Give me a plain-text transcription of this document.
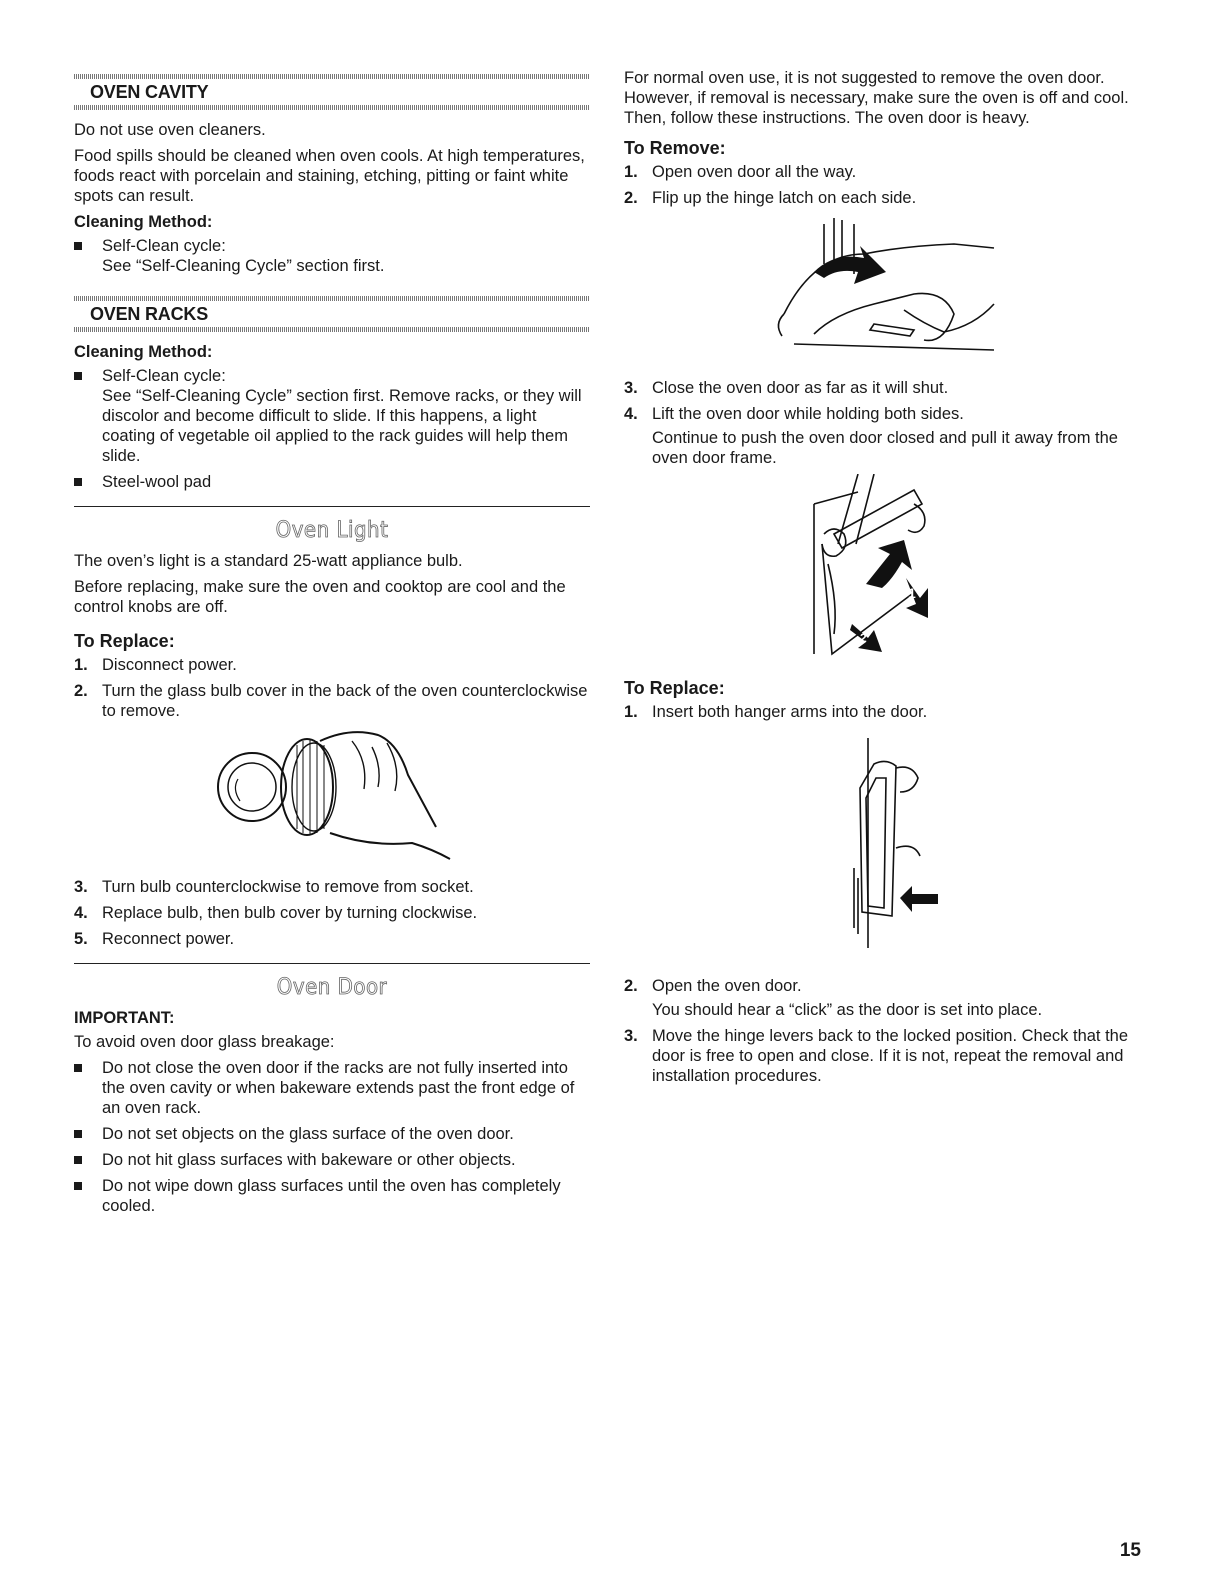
OVEN CAVITY

Do not use oven cleaners.

Food spills should be cleaned when oven cools. At high temperatures, foods react with porcelain and staining, etching, pitting or faint white spots can result.

Cleaning Method:
Self-Clean cycle:
See “Self-Cleaning Cycle” section first.
OVEN RACKS
Cleaning Method:
Self-Clean cycle:
See “Self-Cleaning Cycle” section first. Remove racks, or they will discolor and become difficult to slide. If this happens, a light coating of vegetable oil applied to the rack guides will help them slide.
Steel-wool pad
Oven Light

The oven’s light is a standard 25-watt appliance bulb.

Before replacing, make sure the oven and cooktop are cool and the control knobs are off.

To Replace:
1. Disconnect power.
2. Turn the glass bulb cover in the back of the oven counterclockwise to remove.
3. Turn bulb counterclockwise to remove from socket.
4. Replace bulb, then bulb cover by turning clockwise.
5. Reconnect power.
Oven Door
IMPORTANT:

To avoid oven door glass breakage:

Do not close the oven door if the racks are not fully inserted into the oven cavity or when bakeware extends past the front edge of an oven rack.
Do not set objects on the glass surface of the oven door.
Do not hit glass surfaces with bakeware or other objects.
Do not wipe down glass surfaces until the oven has completely cooled.

For normal oven use, it is not suggested to remove the oven door. However, if removal is necessary, make sure the oven is off and cool. Then, follow these instructions. The oven door is heavy.

To Remove:
1. Open oven door all the way.
2. Flip up the hinge latch on each side.
3. Close the oven door as far as it will shut.
4. Lift the oven door while holding both sides.

Continue to push the oven door closed and pull it away from the oven door frame.

1
2
To Replace:
1. Insert both hanger arms into the door.
2. Open the oven door.

You should hear a “click” as the door is set into place.

3. Move the hinge levers back to the locked position. Check that the door is free to open and close. If it is not, repeat the removal and installation procedures.
15
